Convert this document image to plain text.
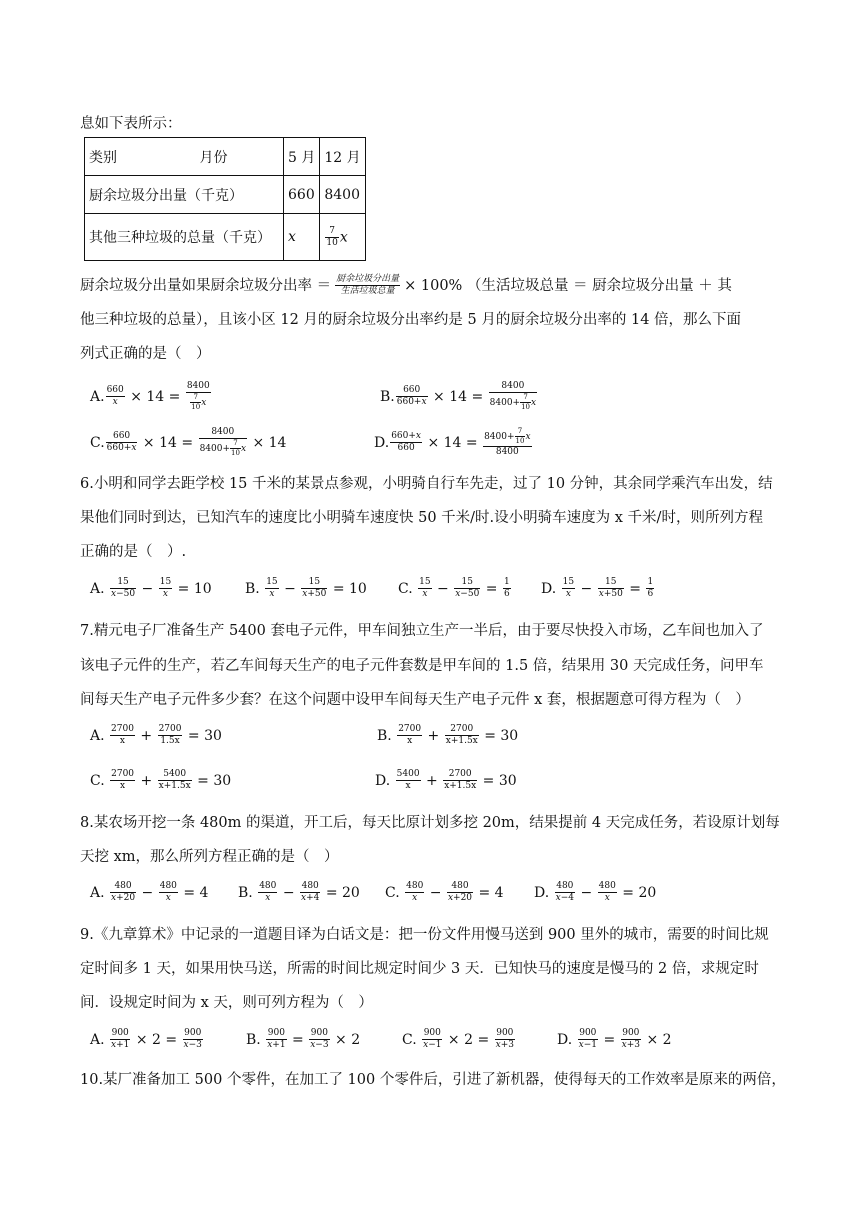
息如下表所示：
类别 月份	5 月	12 月
厨余垃圾分出量（千克）	660	8400
其他三种垃圾的总量（千克）	x	$\frac{7}{10}$ x
厨余垃圾分出量如果厨余垃圾分出率 ＝ $\frac{\text{厨余垃圾分出量}}{\text{生活垃圾总量}} \times 100\%$ （生活垃圾总量 ＝ 厨余垃圾分出量 ＋ 其
他三种垃圾的总量），且该小区 12 月的厨余垃圾分出率约是 5 月的厨余垃圾分出率的 14 倍，那么下面
列式正确的是（　）
A. $\frac{660}{x} \times 14 = \frac{8400}{\frac{7}{10} x}$	B. $\frac{660}{660+x} \times 14 = \frac{8400}{8400+ \frac{7}{10} x}$
C. $\frac{660}{660+x} \times 14 = \frac{8400}{8400+ \frac{7}{10} x} \times 14$	D. $\frac{660+x}{660} \times 14 = \frac{8400+ \frac{7}{10} x}{8400}$
6.小明和同学去距学校 15 千米的某景点参观，小明骑自行车先走，过了 10 分钟，其余同学乘汽车出发，结
果他们同时到达，已知汽车的速度比小明骑车速度快 50 千米/时.设小明骑车速度为 x 千米/时，则所列方程
正确的是（　）.
A. $\frac{15}{x-50} - \frac{15}{x} = 10$ B. $\frac{15}{x} - \frac{15}{x+50} = 10$ C. $\frac{15}{x} - \frac{15}{x-50} = \frac{1}{6} D$. $\frac{15}{x} - \frac{15}{x+50} = \frac{1}{6}$
7.精元电子厂准备生产 5400 套电子元件，甲车间独立生产一半后，由于要尽快投入市场，乙车间也加入了
该电子元件的生产，若乙车间每天生产的电子元件套数是甲车间的 1.5 倍，结果用 30 天完成任务，问甲车
间每天生产电子元件多少套？在这个问题中设甲车间每天生产电子元件 x 套，根据题意可得方程为（　）
A. $\frac{2700}{x} + \frac{2700}{1.5x} = 30$	B. $\frac{2700}{x} + \frac{2700}{x+1.5x} = 30$
C. $\frac{2700}{x} + \frac{5400}{x+1.5x} = 30$	D. $\frac{5400}{x} + \frac{2700}{x+1.5x} = 30$
8.某农场开挖一条 480m 的渠道，开工后，每天比原计划多挖 20m，结果提前 4 天完成任务，若设原计划每
天挖 xm，那么所列方程正确的是（　）
A. $\frac{480}{x+20} - \frac{480}{x} = 4$ B. $\frac{480}{x} - \frac{480}{x+4} = 20$ C. $\frac{480}{x} - \frac{480}{x+20} = 4$ D. $\frac{480}{x-4} - \frac{480}{x} = 20$
9.《九章算术》中记录的一道题目译为白话文是：把一份文件用慢马送到 900 里外的城市，需要的时间比规
定时间多 1 天，如果用快马送，所需的时间比规定时间少 3 天．已知快马的速度是慢马的 2 倍，求规定时
间．设规定时间为 x 天，则可列方程为（　）
A. $\frac{900}{x+1} \times 2 = \frac{900}{x-3}$	B. $\frac{900}{x+1} = \frac{900}{x-3} \times 2$	C. $\frac{900}{x-1} \times 2 = \frac{900}{x+3}$	D. $\frac{900}{x-1} = \frac{900}{x+3} \times 2$
10.某厂准备加工 500 个零件，在加工了 100 个零件后，引进了新机器，使得每天的工作效率是原来的两倍，
